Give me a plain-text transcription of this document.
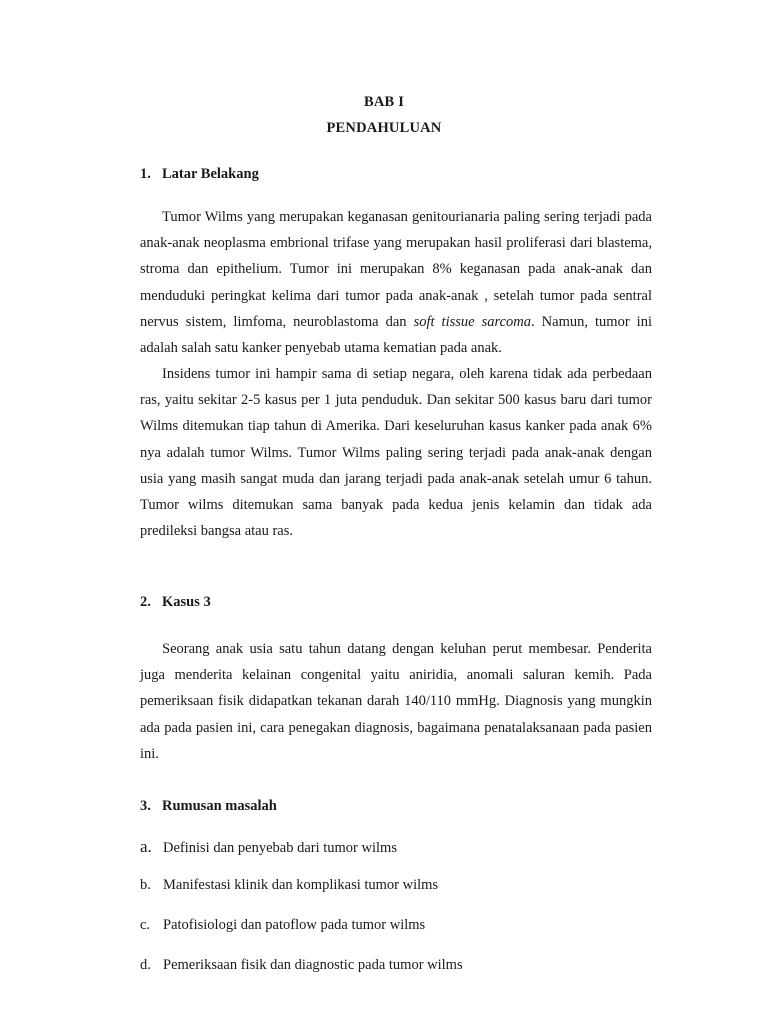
BAB I
PENDAHULUAN
1. Latar Belakang
Tumor Wilms yang merupakan keganasan genitourianaria paling sering terjadi pada anak-anak neoplasma embrional trifase yang merupakan hasil proliferasi dari blastema, stroma dan epithelium. Tumor ini merupakan 8% keganasan pada anak-anak dan menduduki peringkat kelima dari tumor pada anak-anak , setelah tumor pada sentral nervus sistem, limfoma, neuroblastoma dan soft tissue sarcoma. Namun, tumor ini adalah salah satu kanker penyebab utama kematian pada anak.
Insidens tumor ini hampir sama di setiap negara, oleh karena tidak ada perbedaan ras, yaitu sekitar 2-5 kasus per 1 juta penduduk. Dan sekitar 500 kasus baru dari tumor Wilms ditemukan tiap tahun di Amerika. Dari keseluruhan kasus kanker pada anak 6% nya adalah tumor Wilms. Tumor Wilms paling sering terjadi pada anak-anak dengan usia yang masih sangat muda dan jarang terjadi pada anak-anak setelah umur 6 tahun. Tumor wilms ditemukan sama banyak pada kedua jenis kelamin dan tidak ada predileksi bangsa atau ras.
2. Kasus 3
Seorang anak usia satu tahun datang dengan keluhan perut membesar. Penderita juga menderita kelainan congenital yaitu aniridia, anomali saluran kemih. Pada pemeriksaan fisik didapatkan tekanan darah 140/110 mmHg. Diagnosis yang mungkin ada pada pasien ini, cara penegakan diagnosis, bagaimana penatalaksanaan pada pasien ini.
3. Rumusan masalah
a. Definisi dan penyebab dari tumor wilms
b. Manifestasi klinik dan komplikasi tumor wilms
c. Patofisiologi dan patoflow pada tumor wilms
d. Pemeriksaan fisik dan diagnostic pada tumor wilms
